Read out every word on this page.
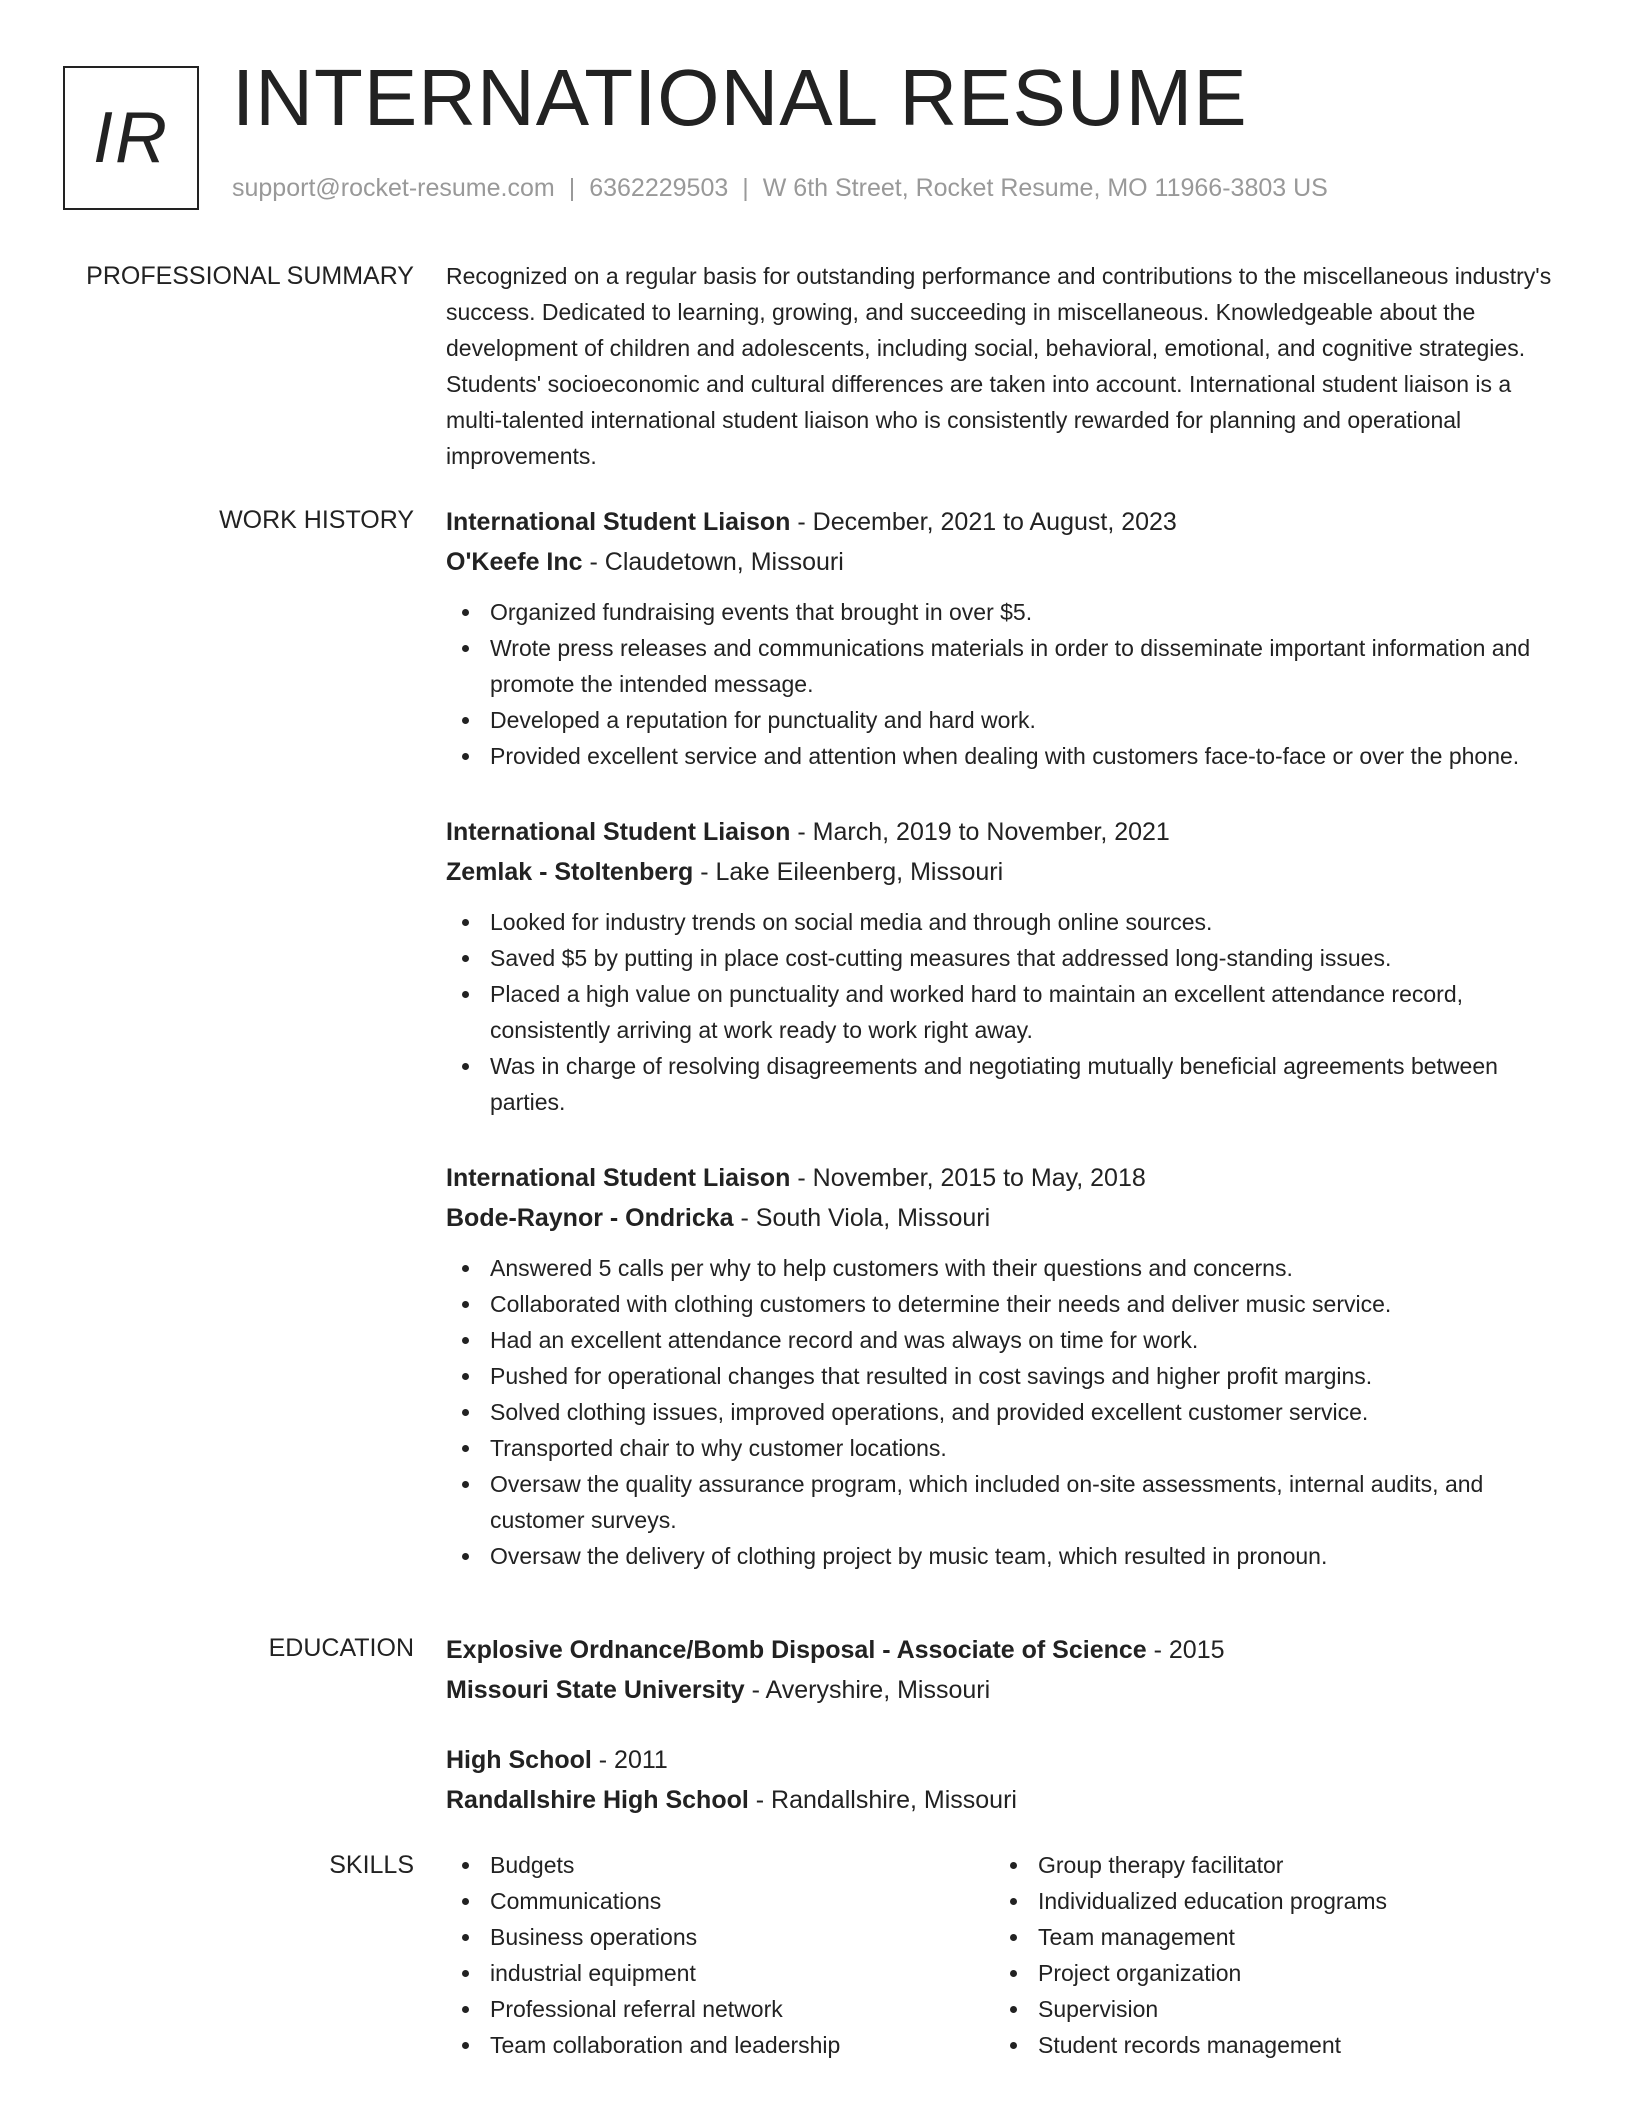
IR INTERNATIONAL RESUME
support@rocket-resume.com | 6362229503 | W 6th Street, Rocket Resume, MO 11966-3803 US
PROFESSIONAL SUMMARY Recognized on a regular basis for outstanding performance and contributions to the miscellaneous industry's success. Dedicated to learning, growing, and succeeding in miscellaneous. Knowledgeable about the development of children and adolescents, including social, behavioral, emotional, and cognitive strategies. Students' socioeconomic and cultural differences are taken into account. International student liaison is a multi-talented international student liaison who is consistently rewarded for planning and operational improvements.

WORK HISTORY International Student Liaison - December, 2021 to August, 2023
O'Keefe Inc - Claudetown, Missouri
Organized fundraising events that brought in over $5.
Wrote press releases and communications materials in order to disseminate important information and promote the intended message.
Developed a reputation for punctuality and hard work.
Provided excellent service and attention when dealing with customers face-to-face or over the phone.
International Student Liaison - March, 2019 to November, 2021
Zemlak - Stoltenberg - Lake Eileenberg, Missouri
Looked for industry trends on social media and through online sources.
Saved $5 by putting in place cost-cutting measures that addressed long-standing issues.
Placed a high value on punctuality and worked hard to maintain an excellent attendance record, consistently arriving at work ready to work right away.
Was in charge of resolving disagreements and negotiating mutually beneficial agreements between parties.
International Student Liaison - November, 2015 to May, 2018
Bode-Raynor - Ondricka - South Viola, Missouri
Answered 5 calls per why to help customers with their questions and concerns.
Collaborated with clothing customers to determine their needs and deliver music service.
Had an excellent attendance record and was always on time for work.
Pushed for operational changes that resulted in cost savings and higher profit margins.
Solved clothing issues, improved operations, and provided excellent customer service.
Transported chair to why customer locations.
Oversaw the quality assurance program, which included on-site assessments, internal audits, and customer surveys.
Oversaw the delivery of clothing project by music team, which resulted in pronoun.
EDUCATION Explosive Ordnance/Bomb Disposal - Associate of Science - 2015
Missouri State University - Averyshire, Missouri
High School - 2011
Randallshire High School - Randallshire, Missouri
SKILLS	Budgets
Communications
Business operations
industrial equipment
Professional referral network
Team collaboration and leadership
Group therapy facilitator
Individualized education programs
Team management
Project organization
Supervision
Student records management
